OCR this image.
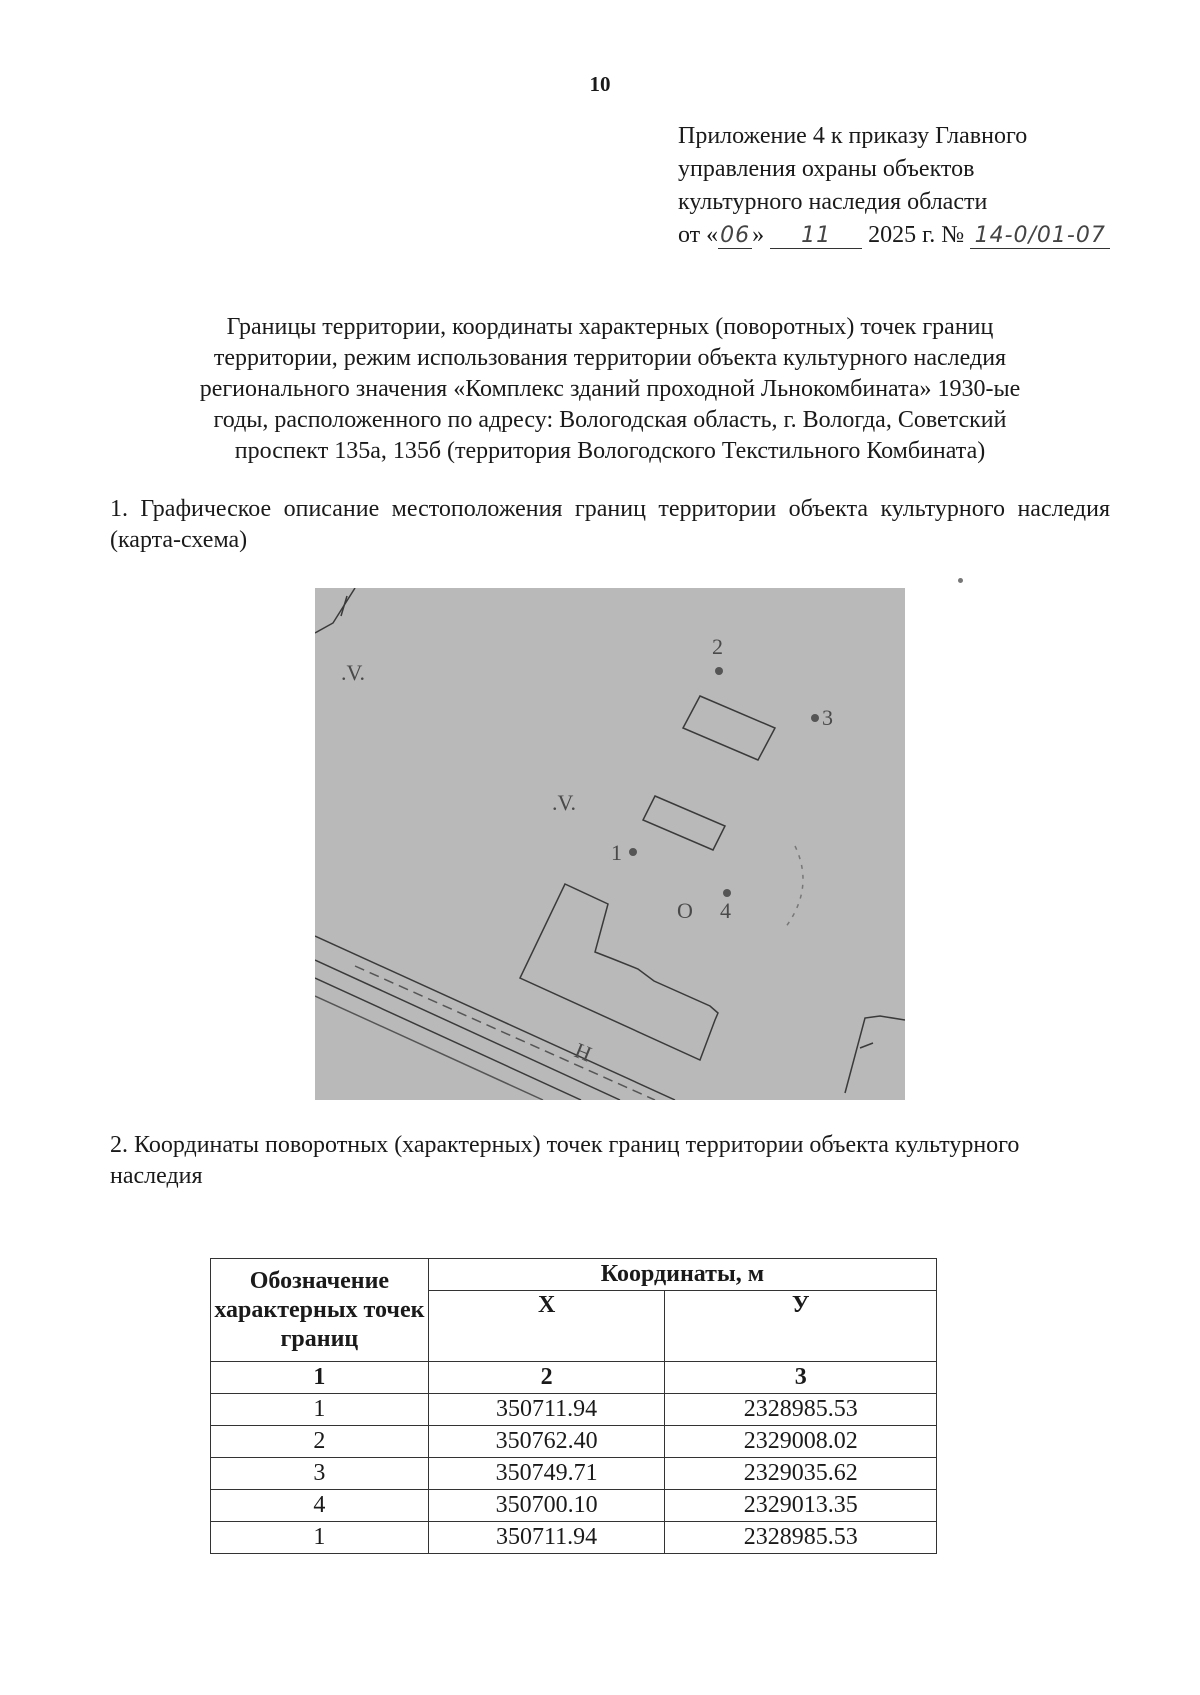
10
Приложение 4 к приказу Главного
управления охраны объектов
культурного наследия области
от «06» 11 2025 г. № 14-0/01-07
Границы территории, координаты характерных (поворотных) точек границ
территории, режим использования территории объекта культурного наследия
регионального значения «Комплекс зданий проходной Льнокомбината» 1930-ые
годы, расположенного по адресу: Вологодская область, г. Вологда, Советский
проспект 135а, 135б (территория Вологодского Текстильного Комбината)
1. Графическое описание местоположения границ территории объекта культурного наследия (карта-схема)
1
2
3
4
.V.
.V.
О
Н
2. Координаты поворотных (характерных) точек границ территории объекта культурного наследия
Обозначение характерных точек границ	Координаты, м	
	Х	У
1	2	3
1	350711.94	2328985.53
2	350762.40	2329008.02
3	350749.71	2329035.62
4	350700.10	2329013.35
1	350711.94	2328985.53
